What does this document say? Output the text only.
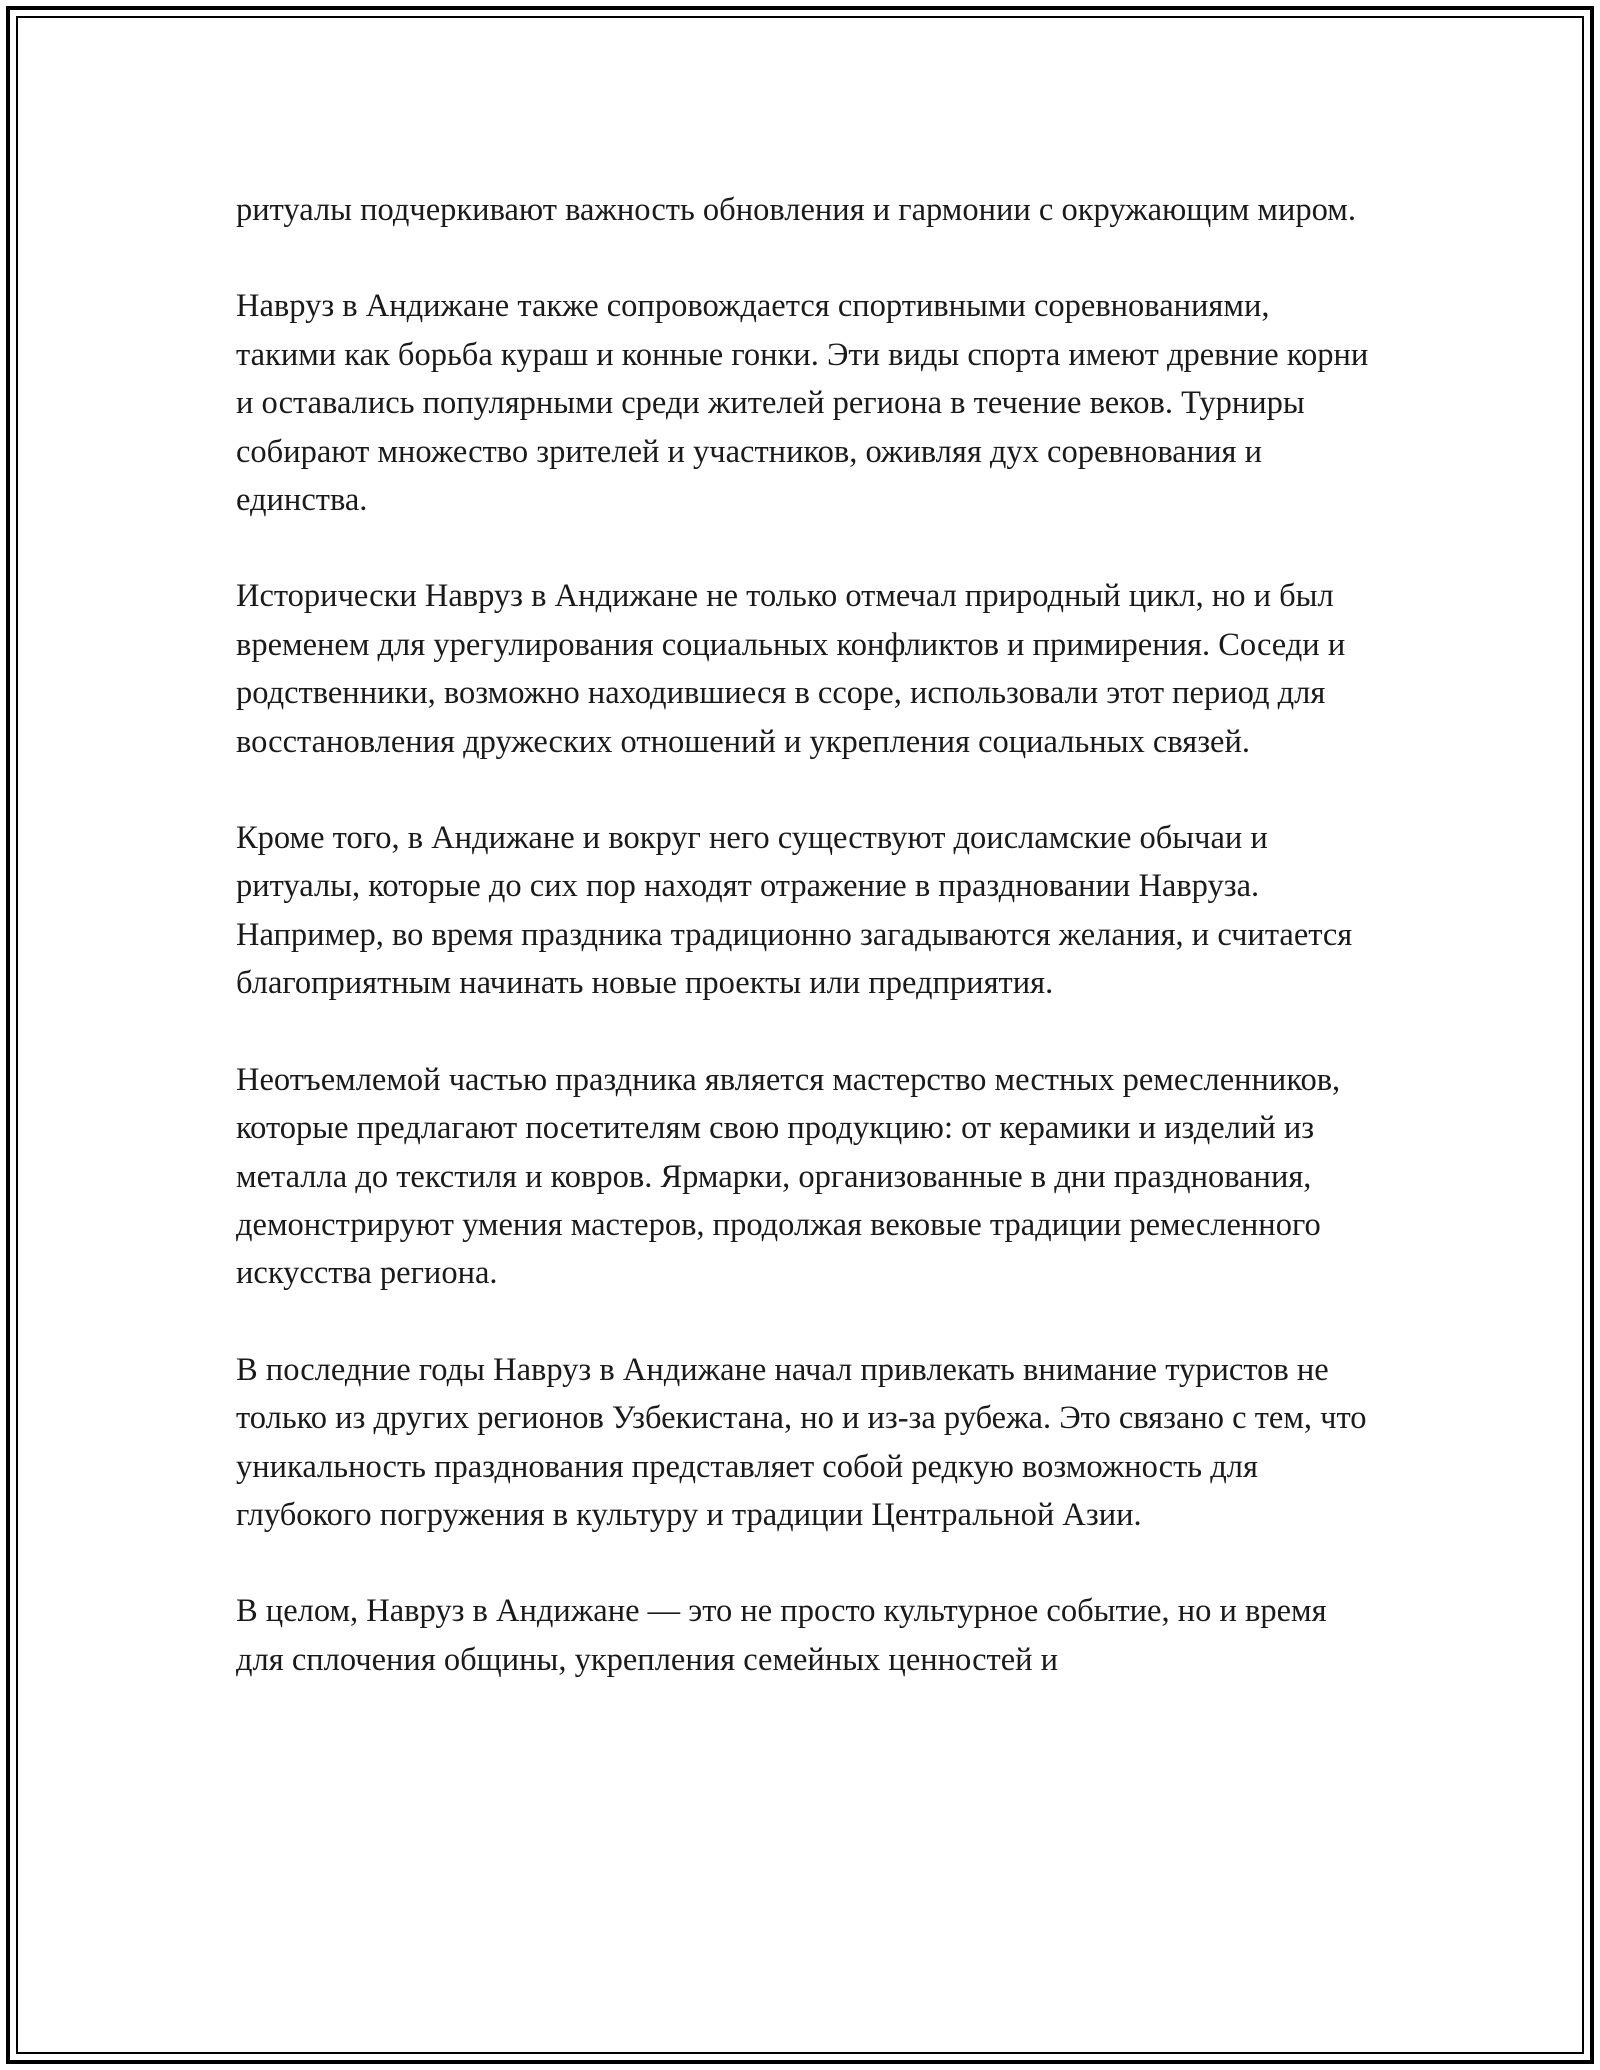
ритуалы подчеркивают важность обновления и гармонии с окружающим миром.

Навруз в Андижане также сопровождается спортивными соревнованиями, такими как борьба кураш и конные гонки. Эти виды спорта имеют древние корни и оставались популярными среди жителей региона в течение веков. Турниры собирают множество зрителей и участников, оживляя дух соревнования и единства.

Исторически Навруз в Андижане не только отмечал природный цикл, но и был временем для урегулирования социальных конфликтов и примирения. Соседи и родственники, возможно находившиеся в ссоре, использовали этот период для восстановления дружеских отношений и укрепления социальных связей.

Кроме того, в Андижане и вокруг него существуют доисламские обычаи и ритуалы, которые до сих пор находят отражение в праздновании Навруза. Например, во время праздника традиционно загадываются желания, и считается благоприятным начинать новые проекты или предприятия.

Неотъемлемой частью праздника является мастерство местных ремесленников, которые предлагают посетителям свою продукцию: от керамики и изделий из металла до текстиля и ковров. Ярмарки, организованные в дни празднования, демонстрируют умения мастеров, продолжая вековые традиции ремесленного искусства региона.

В последние годы Навруз в Андижане начал привлекать внимание туристов не только из других регионов Узбекистана, но и из-за рубежа. Это связано с тем, что уникальность празднования представляет собой редкую возможность для глубокого погружения в культуру и традиции Центральной Азии.

В целом, Навруз в Андижане — это не просто культурное событие, но и время для сплочения общины, укрепления семейных ценностей и
